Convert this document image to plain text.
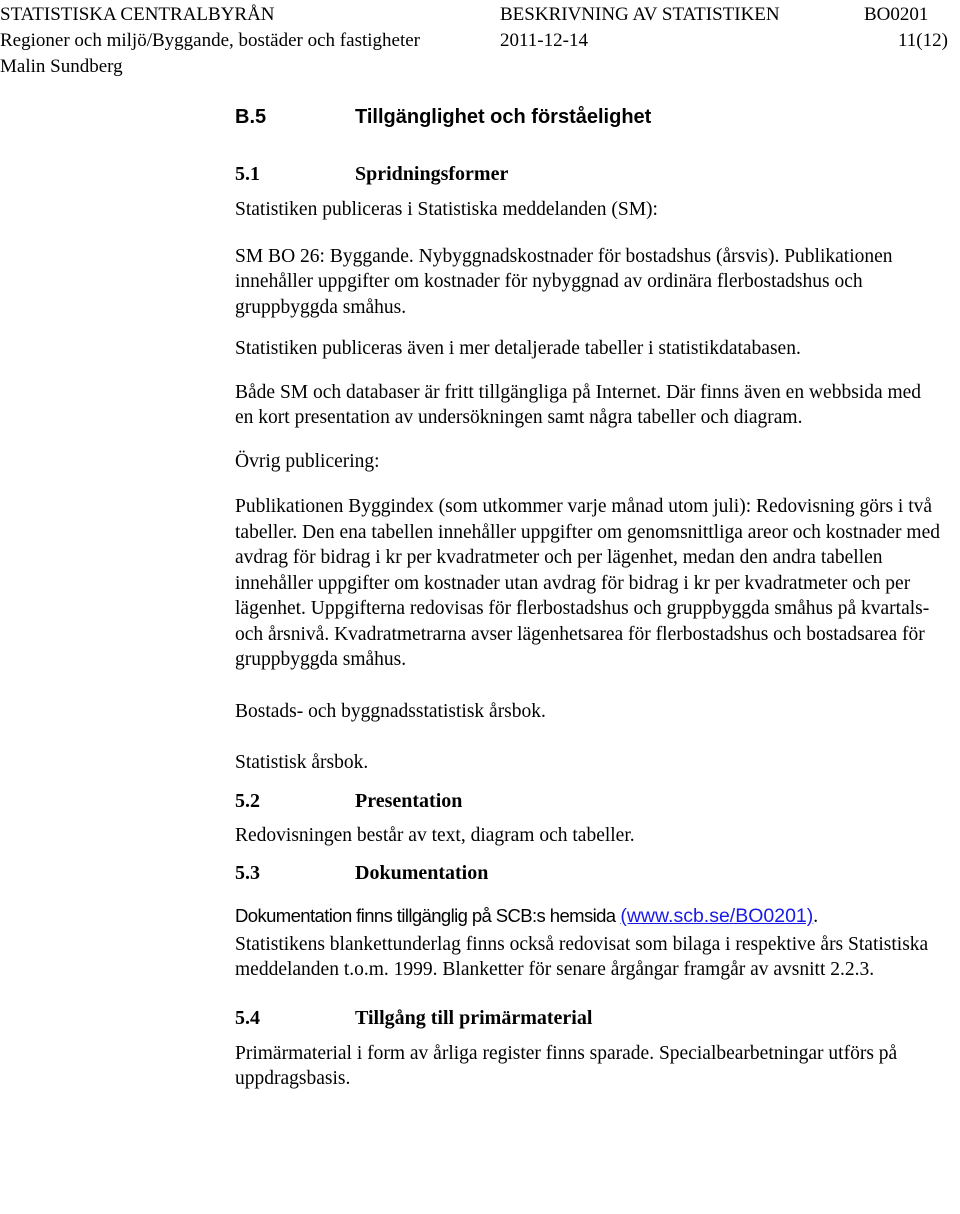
STATISTISKA CENTRALBYRÅN	BESKRIVNING AV STATISTIKEN	BO0201
Regioner och miljö/Byggande, bostäder och fastigheter	2011-12-14	11(12)
Malin Sundberg
B.5	Tillgänglighet och förståelighet
5.1	Spridningsformer

Statistiken publiceras i Statistiska meddelanden (SM):

SM BO 26: Byggande. Nybyggnadskostnader för bostadshus (årsvis). Publikationen innehåller uppgifter om kostnader för nybyggnad av ordinära flerbostadshus och gruppbyggda småhus.

Statistiken publiceras även i mer detaljerade tabeller i statistikdatabasen.

Både SM och databaser är fritt tillgängliga på Internet. Där finns även en webbsida med en kort presentation av undersökningen samt några tabeller och diagram.

Övrig publicering:

Publikationen Byggindex (som utkommer varje månad utom juli): Redovisning görs i två tabeller. Den ena tabellen innehåller uppgifter om genomsnittliga areor och kostnader med avdrag för bidrag i kr per kvadratmeter och per lägenhet, medan den andra tabellen innehåller uppgifter om kostnader utan avdrag för bidrag i kr per kvadratmeter och per lägenhet. Uppgifterna redovisas för flerbostadshus och gruppbyggda småhus på kvartals- och årsnivå. Kvadratmetrarna avser lägenhetsarea för flerbostadshus och bostadsarea för gruppbyggda småhus.

Bostads- och byggnadsstatistisk årsbok.

Statistisk årsbok.

5.2	Presentation

Redovisningen består av text, diagram och tabeller.

5.3	Dokumentation

Dokumentation finns tillgänglig på SCB:s hemsida (www.scb.se/BO0201).

Statistikens blankettunderlag finns också redovisat som bilaga i respektive års Statistiska meddelanden t.o.m. 1999. Blanketter för senare årgångar framgår av avsnitt 2.2.3.

5.4	Tillgång till primärmaterial

Primärmaterial i form av årliga register finns sparade. Specialbearbetningar utförs på uppdragsbasis.
